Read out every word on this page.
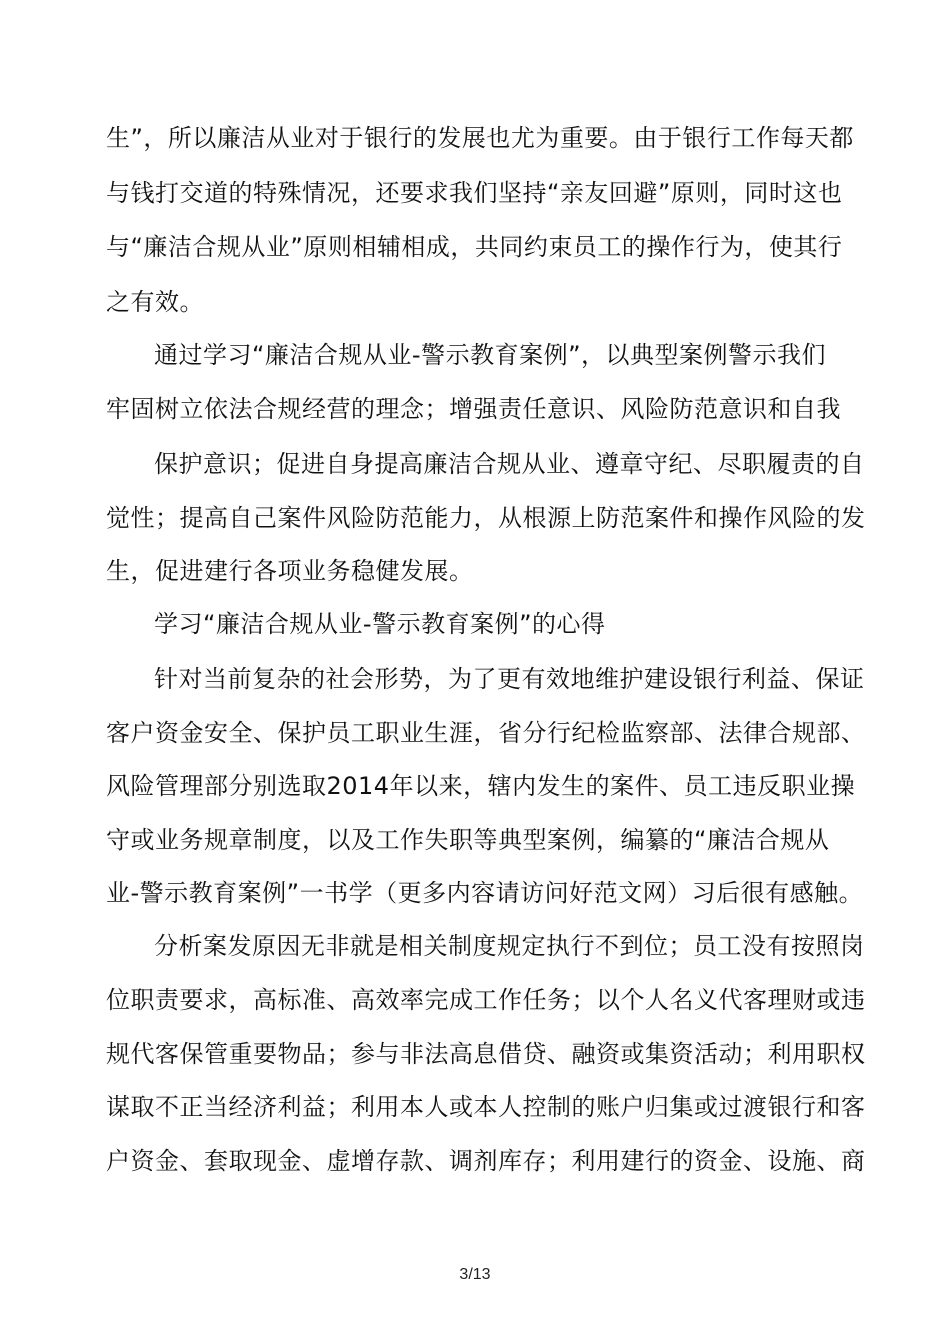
生”，所以廉洁从业对于银行的发展也尤为重要。由于银行工作每天都
与钱打交道的特殊情况，还要求我们坚持“亲友回避”原则，同时这也
与“廉洁合规从业”原则相辅相成，共同约束员工的操作行为，使其行
之有效。
通过学习“廉洁合规从业-警示教育案例”，以典型案例警示我们
牢固树立依法合规经营的理念；增强责任意识、风险防范意识和自我
保护意识；促进自身提高廉洁合规从业、遵章守纪、尽职履责的自
觉性；提高自己案件风险防范能力，从根源上防范案件和操作风险的发
生，促进建行各项业务稳健发展。
学习“廉洁合规从业-警示教育案例”的心得
针对当前复杂的社会形势，为了更有效地维护建设银行利益、保证
客户资金安全、保护员工职业生涯，省分行纪检监察部、法律合规部、
风险管理部分别选取2014年以来，辖内发生的案件、员工违反职业操
守或业务规章制度，以及工作失职等典型案例，编纂的“廉洁合规从
业-警示教育案例”一书学（更多内容请访问好范文网）习后很有感触。
分析案发原因无非就是相关制度规定执行不到位；员工没有按照岗
位职责要求，高标准、高效率完成工作任务；以个人名义代客理财或违
规代客保管重要物品；参与非法高息借贷、融资或集资活动；利用职权
谋取不正当经济利益；利用本人或本人控制的账户归集或过渡银行和客
户资金、套取现金、虚增存款、调剂库存；利用建行的资金、设施、商
3/13
